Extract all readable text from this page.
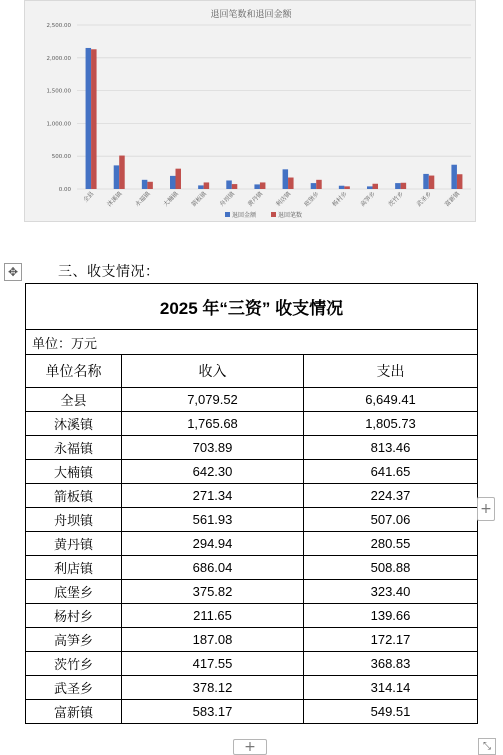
退回笔数和退回金额
0.00
500.00
1,000.00
1,500.00
2,000.00
2,500.00
全县 沐溪镇 永福镇 大楠镇 箭板镇 舟坝镇 黄丹镇 利店镇 底堡乡 杨村乡 高笋乡 茨竹乡 武圣乡 富新镇
退回金额	退回笔数
✥	三、收支情况：
2025 年“三资” 收支情况		
单位：万元		
单位名称	收入	支出
全县	7,079.52	6,649.41
沐溪镇	1,765.68	1,805.73
永福镇	703.89	813.46
大楠镇	642.30	641.65
箭板镇	271.34	224.37
舟坝镇	561.93	507.06
黄丹镇	294.94	280.55
利店镇	686.04	508.88
底堡乡	375.82	323.40
杨村乡	211.65	139.66
高笋乡	187.08	172.17
茨竹乡	417.55	368.83
武圣乡	378.12	314.14
富新镇	583.17	549.51
+
+	⤡
